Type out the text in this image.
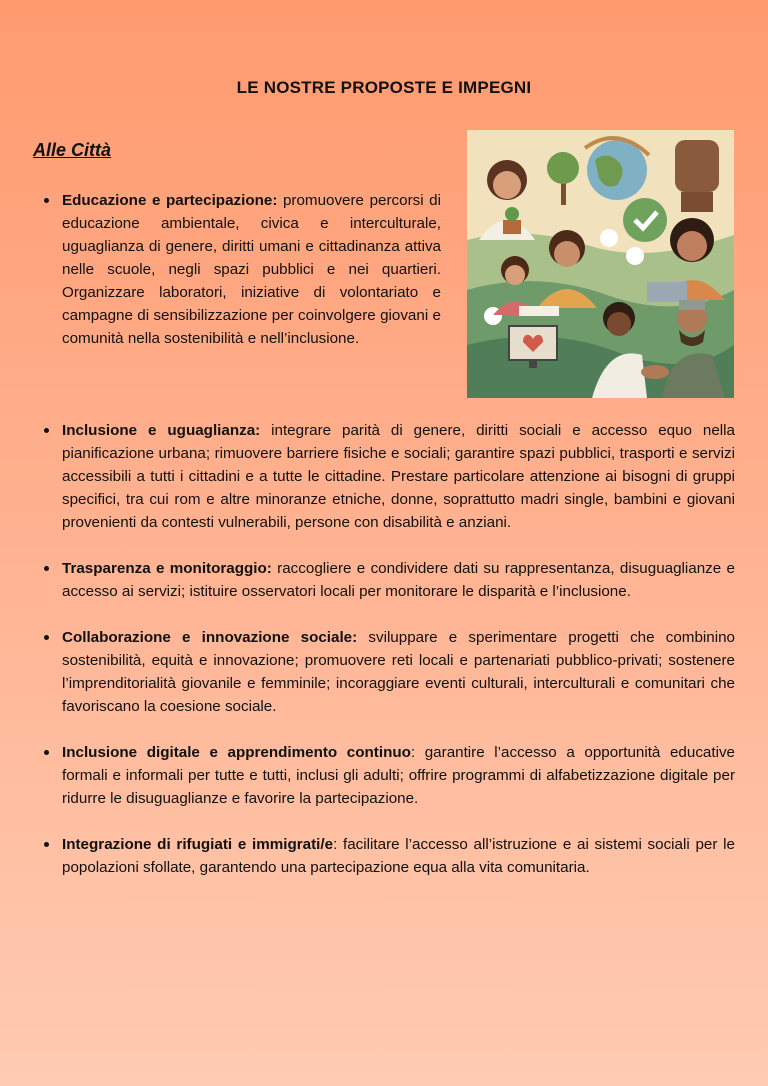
LE NOSTRE PROPOSTE E IMPEGNI
Alle Città
Educazione e partecipazione: promuovere percorsi di educazione ambientale, civica e interculturale, uguaglianza di genere, diritti umani e cittadinanza attiva nelle scuole, negli spazi pubblici e nei quartieri. Organizzare laboratori, iniziative di volontariato e campagne di sensibilizzazione per coinvolgere giovani e comunità nella sostenibilità e nell’inclusione.
Inclusione e uguaglianza: integrare parità di genere, diritti sociali e accesso equo nella pianificazione urbana; rimuovere barriere fisiche e sociali; garantire spazi pubblici, trasporti e servizi accessibili a tutti i cittadini e a tutte le cittadine. Prestare particolare attenzione ai bisogni di gruppi specifici, tra cui rom e altre minoranze etniche, donne, soprattutto madri single, bambini e giovani provenienti da contesti vulnerabili, persone con disabilità e anziani.
Trasparenza e monitoraggio: raccogliere e condividere dati su rappresentanza, disuguaglianze e accesso ai servizi; istituire osservatori locali per monitorare le disparità e l’inclusione.
Collaborazione e innovazione sociale: sviluppare e sperimentare progetti che combinino sostenibilità, equità e innovazione; promuovere reti locali e partenariati pubblico-privati; sostenere l’imprenditorialità giovanile e femminile; incoraggiare eventi culturali, interculturali e comunitari che favoriscano la coesione sociale.
Inclusione digitale e apprendimento continuo: garantire l’accesso a opportunità educative formali e informali per tutte e tutti, inclusi gli adulti; offrire programmi di alfabetizzazione digitale per ridurre le disuguaglianze e favorire la partecipazione.
Integrazione di rifugiati e immigrati/e: facilitare l’accesso all’istruzione e ai sistemi sociali per le popolazioni sfollate, garantendo una partecipazione equa alla vita comunitaria.
